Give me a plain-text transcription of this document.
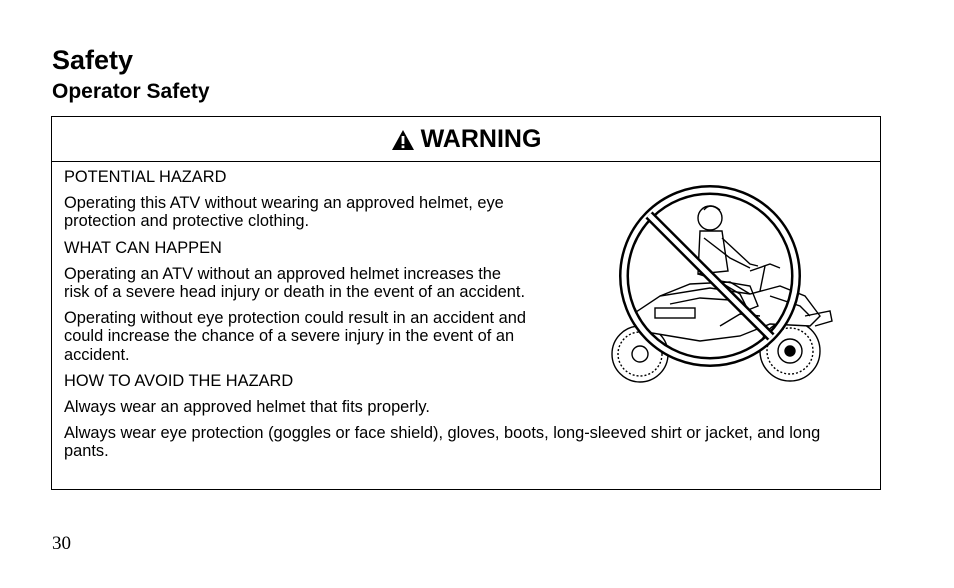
Safety
Operator Safety
WARNING

POTENTIAL HAZARD

Operating this ATV without wearing an approved helmet, eye protection and protective clothing.

WHAT CAN HAPPEN

Operating an ATV without an approved helmet increases the risk of a severe head injury or death in the event of an accident.

Operating without eye protection could result in an accident and could increase the chance of a severe injury in the event of an accident.

HOW TO AVOID THE HAZARD

Always wear an approved helmet that fits properly.

Always wear eye protection (goggles or face shield), gloves, boots, long-sleeved shirt or jacket, and long pants.

30
